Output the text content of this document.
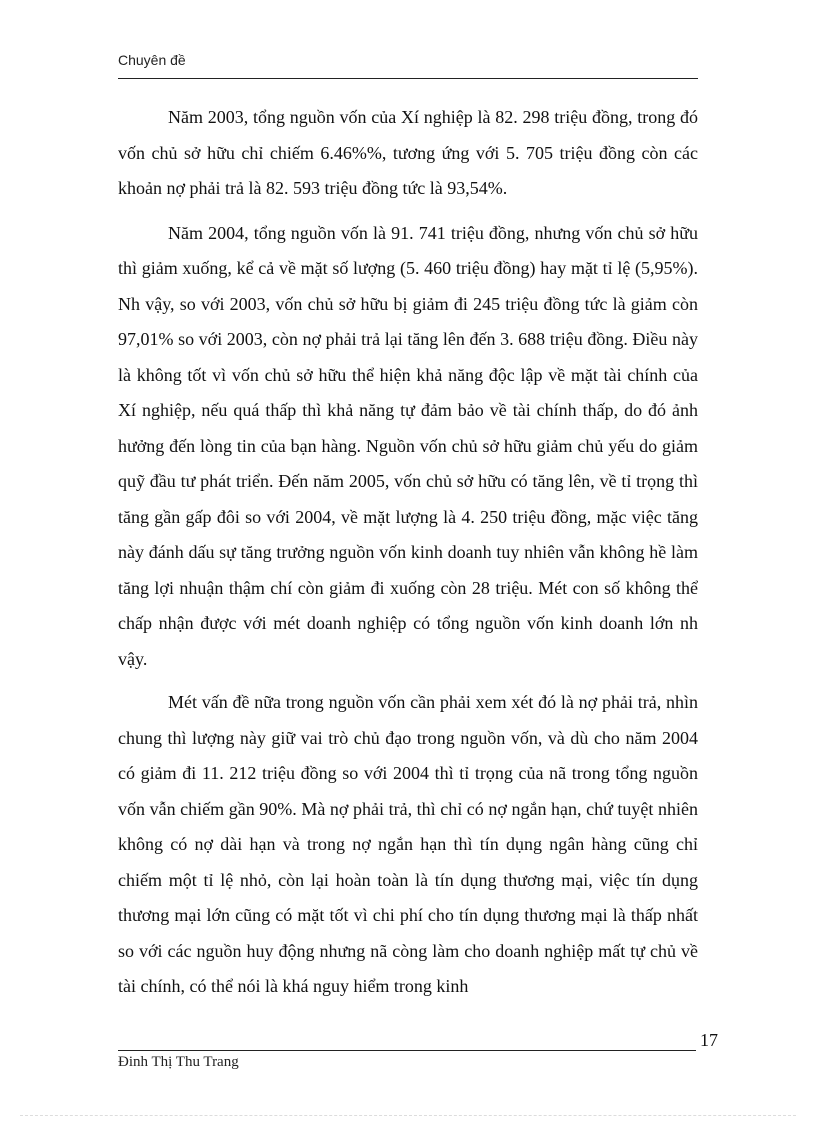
Chuyên đề

Năm 2003, tổng nguồn vốn của Xí nghiệp là 82. 298 triệu đồng, trong đó vốn chủ sở hữu chỉ chiếm 6.46%%, tương ứng với 5. 705 triệu đồng còn các khoản nợ phải trả là 82. 593 triệu đồng tức là 93,54%.

Năm 2004, tổng nguồn vốn là 91. 741 triệu đồng, nhưng vốn chủ sở hữu thì giảm xuống, kể cả về mặt số lượng (5. 460 triệu đồng) hay mặt tỉ lệ (5,95%). Nh vậy, so với 2003, vốn chủ sở hữu bị giảm đi 245 triệu đồng tức là giảm còn 97,01% so với 2003, còn nợ phải trả lại tăng lên đến 3. 688 triệu đồng. Điều này là không tốt vì vốn chủ sở hữu thể hiện khả năng độc lập về mặt tài chính của Xí nghiệp, nếu quá thấp thì khả năng tự đảm bảo về tài chính thấp, do đó ảnh hưởng đến lòng tin của bạn hàng. Nguồn vốn chủ sở hữu giảm chủ yếu do giảm quỹ đầu tư phát triển. Đến năm 2005, vốn chủ sở hữu có tăng lên, về tỉ trọng thì tăng gần gấp đôi so với 2004, về mặt lượng là 4. 250 triệu đồng, mặc việc tăng này đánh dấu sự tăng trưởng nguồn vốn kinh doanh tuy nhiên vẫn không hề làm tăng lợi nhuận thậm chí còn giảm đi xuống còn 28 triệu. Mét con số không thể chấp nhận được với mét doanh nghiệp có tổng nguồn vốn kinh doanh lớn nh vậy.

Mét vấn đề nữa trong nguồn vốn cần phải xem xét đó là nợ phải trả, nhìn chung thì lượng này giữ vai trò chủ đạo trong nguồn vốn, và dù cho năm 2004 có giảm đi 11. 212 triệu đồng so với 2004 thì tỉ trọng của nã trong tổng nguồn vốn vẫn chiếm gần 90%. Mà nợ phải trả, thì chỉ có nợ ngắn hạn, chứ tuyệt nhiên không có nợ dài hạn và trong nợ ngắn hạn thì tín dụng ngân hàng cũng chỉ chiếm một tỉ lệ nhỏ, còn lại hoàn toàn là tín dụng thương mại, việc tín dụng thương mại lớn cũng có mặt tốt vì chi phí cho tín dụng thương mại là thấp nhất so với các nguồn huy động nhưng nã còng làm cho doanh nghiệp mất tự chủ về tài chính, có thể nói là khá nguy hiểm trong kinh

17
Đinh Thị Thu Trang
